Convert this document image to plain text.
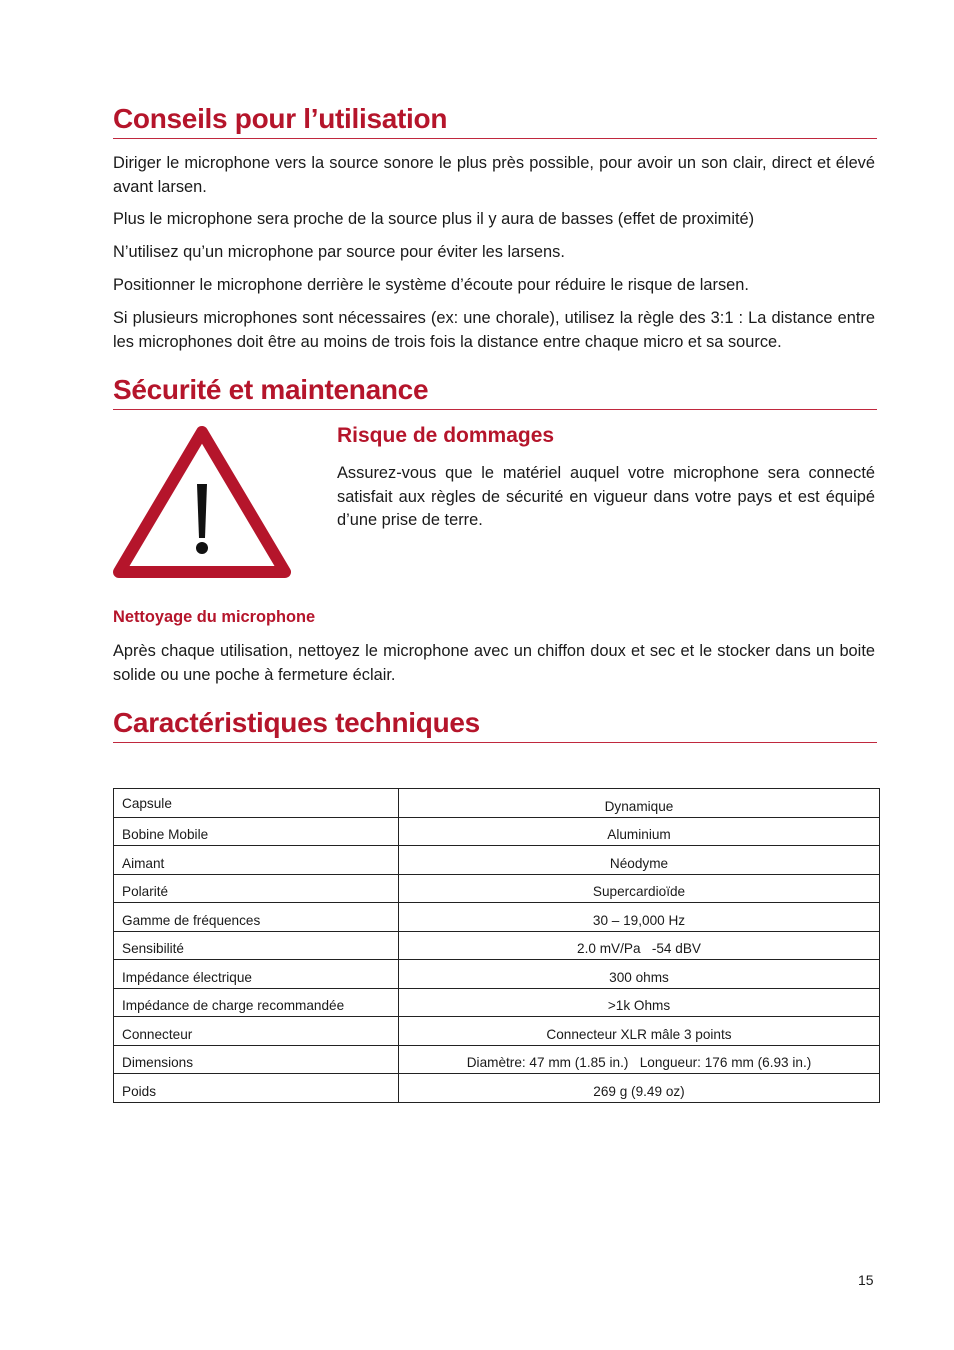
Conseils pour l’utilisation

Diriger le microphone vers la source sonore le plus près possible, pour avoir un son clair, direct et élevé avant larsen.

Plus le microphone sera proche de la source plus il y aura de basses (effet de proximité)

N’utilisez qu’un microphone par source pour éviter les larsens.

Positionner le microphone derrière le système d’écoute pour réduire le risque de larsen.

Si plusieurs microphones sont nécessaires (ex: une chorale), utilisez la règle des 3:1 : La distance entre les microphones doit être au moins de trois fois la distance entre chaque micro et sa source.

Sécurité et maintenance
Risque de dommages

Assurez-vous que le matériel auquel votre microphone sera connecté satisfait aux règles de sécurité en vigueur dans votre pays et est équipé d’une prise de terre.

Nettoyage du microphone

Après chaque utilisation, nettoyez le microphone avec un chiffon doux et sec et le stocker dans un boite solide ou une poche à fermeture éclair.

Caractéristiques techniques
Capsule	Dynamique
Bobine Mobile	Aluminium
Aimant	Néodyme
Polarité	Supercardioïde
Gamme de fréquences	30 – 19,000 Hz
Sensibilité	2.0 mV/Pa   -54 dBV
Impédance électrique	300 ohms
Impédance de charge recommandée	>1k Ohms
Connecteur	Connecteur XLR mâle 3 points
Dimensions	Diamètre: 47 mm (1.85 in.)   Longueur: 176 mm (6.93 in.)
Poids	269 g (9.49 oz)
15
